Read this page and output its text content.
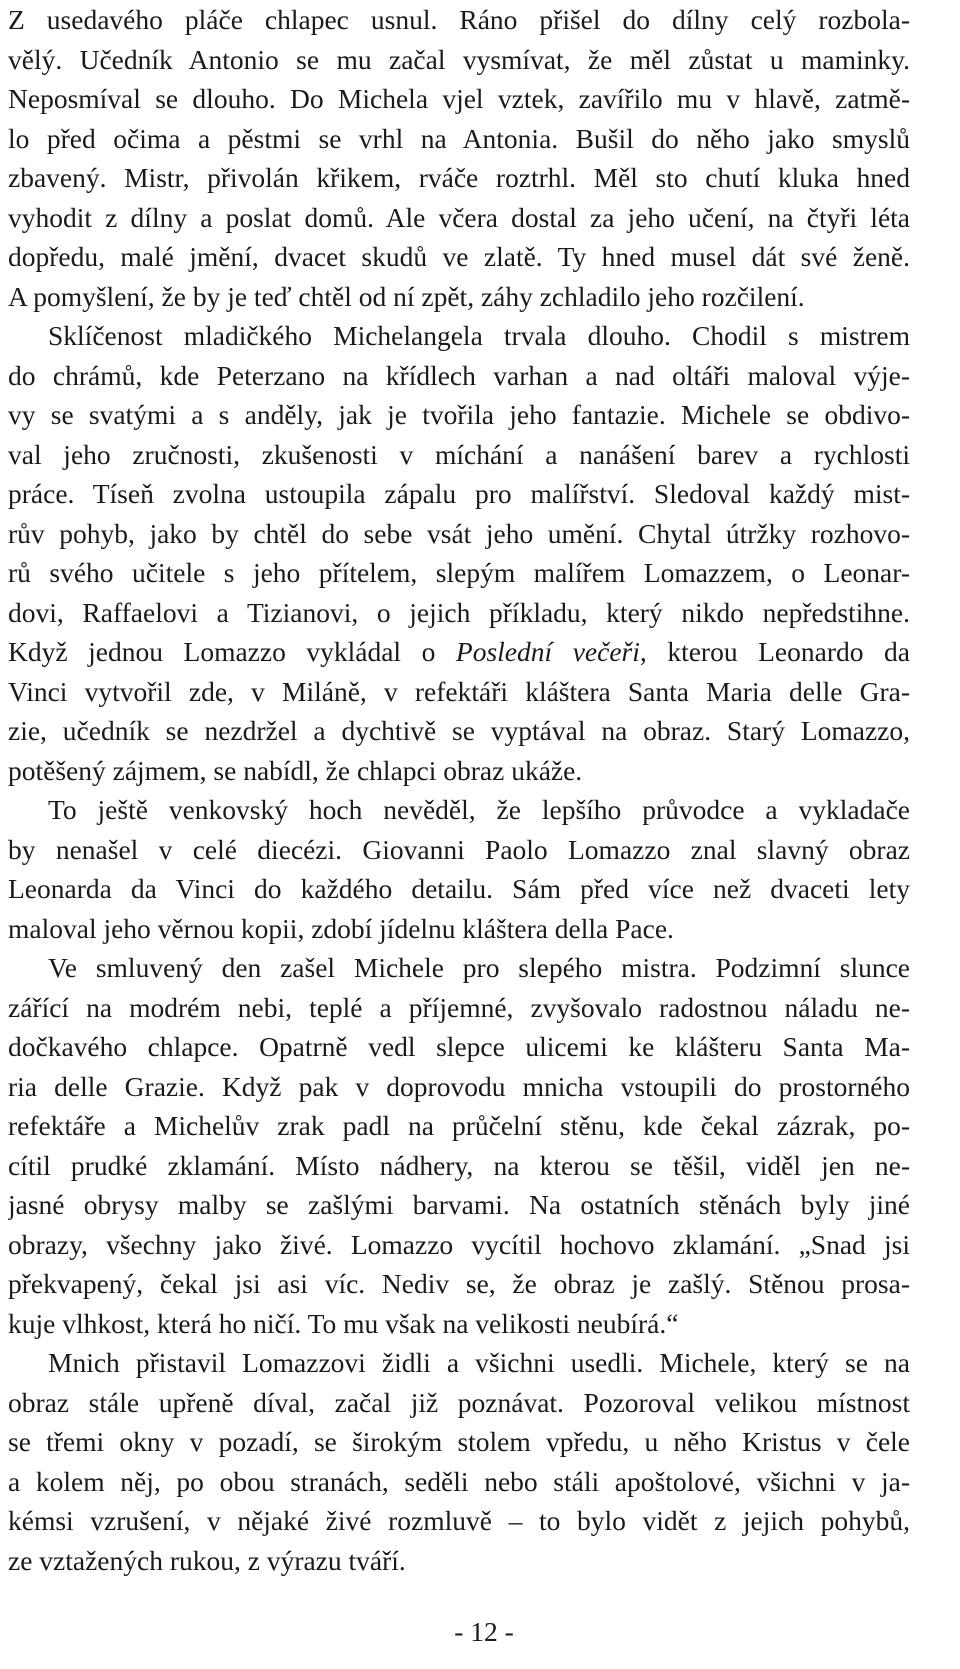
Z usedavého pláče chlapec usnul. Ráno přišel do dílny celý rozbola-
vělý. Učedník Antonio se mu začal vysmívat, že měl zůstat u maminky.
Neposmíval se dlouho. Do Michela vjel vztek, zavířilo mu v hlavě, zatmě-
lo před očima a pěstmi se vrhl na Antonia. Bušil do něho jako smyslů
zbavený. Mistr, přivolán křikem, rváče roztrhl. Měl sto chutí kluka hned
vyhodit z dílny a poslat domů. Ale včera dostal za jeho učení, na čtyři léta
dopředu, malé jmění, dvacet skudů ve zlatě. Ty hned musel dát své ženě.
A pomyšlení, že by je teď chtěl od ní zpět, záhy zchladilo jeho rozčilení.
Sklíčenost mladičkého Michelangela trvala dlouho. Chodil s mistrem
do chrámů, kde Peterzano na křídlech varhan a nad oltáři maloval výje-
vy se svatými a s anděly, jak je tvořila jeho fantazie. Michele se obdivo-
val jeho zručnosti, zkušenosti v míchání a nanášení barev a rychlosti
práce. Tíseň zvolna ustoupila zápalu pro malířství. Sledoval každý mist-
rův pohyb, jako by chtěl do sebe vsát jeho umění. Chytal útržky rozhovo-
rů svého učitele s jeho přítelem, slepým malířem Lomazzem, o Leonar-
dovi, Raffaelovi a Tizianovi, o jejich příkladu, který nikdo nepředstihne.
Když jednou Lomazzo vykládal o Poslední večeři, kterou Leonardo da
Vinci vytvořil zde, v Miláně, v refektáři kláštera Santa Maria delle Gra-
zie, učedník se nezdržel a dychtivě se vyptával na obraz. Starý Lomazzo,
potěšený zájmem, se nabídl, že chlapci obraz ukáže.
To ještě venkovský hoch nevěděl, že lepšího průvodce a vykladače
by nenašel v celé diecézi. Giovanni Paolo Lomazzo znal slavný obraz
Leonarda da Vinci do každého detailu. Sám před více než dvaceti lety
maloval jeho věrnou kopii, zdobí jídelnu kláštera della Pace.
Ve smluvený den zašel Michele pro slepého mistra. Podzimní slunce
zářící na modrém nebi, teplé a příjemné, zvyšovalo radostnou náladu ne-
dočkavého chlapce. Opatrně vedl slepce ulicemi ke klášteru Santa Ma-
ria delle Grazie. Když pak v doprovodu mnicha vstoupili do prostorného
refektáře a Michelův zrak padl na průčelní stěnu, kde čekal zázrak, po-
cítil prudké zklamání. Místo nádhery, na kterou se těšil, viděl jen ne-
jasné obrysy malby se zašlými barvami. Na ostatních stěnách byly jiné
obrazy, všechny jako živé. Lomazzo vycítil hochovo zklamání. „Snad jsi
překvapený, čekal jsi asi víc. Nediv se, že obraz je zašlý. Stěnou prosa-
kuje vlhkost, která ho ničí. To mu však na velikosti neubírá.“
Mnich přistavil Lomazzovi židli a všichni usedli. Michele, který se na
obraz stále upřeně díval, začal již poznávat. Pozoroval velikou místnost
se třemi okny v pozadí, se širokým stolem vpředu, u něho Kristus v čele
a kolem něj, po obou stranách, seděli nebo stáli apoštolové, všichni v ja-
kémsi vzrušení, v nějaké živé rozmluvě – to bylo vidět z jejich pohybů,
ze vztažených rukou, z výrazu tváří.
- 12 -
